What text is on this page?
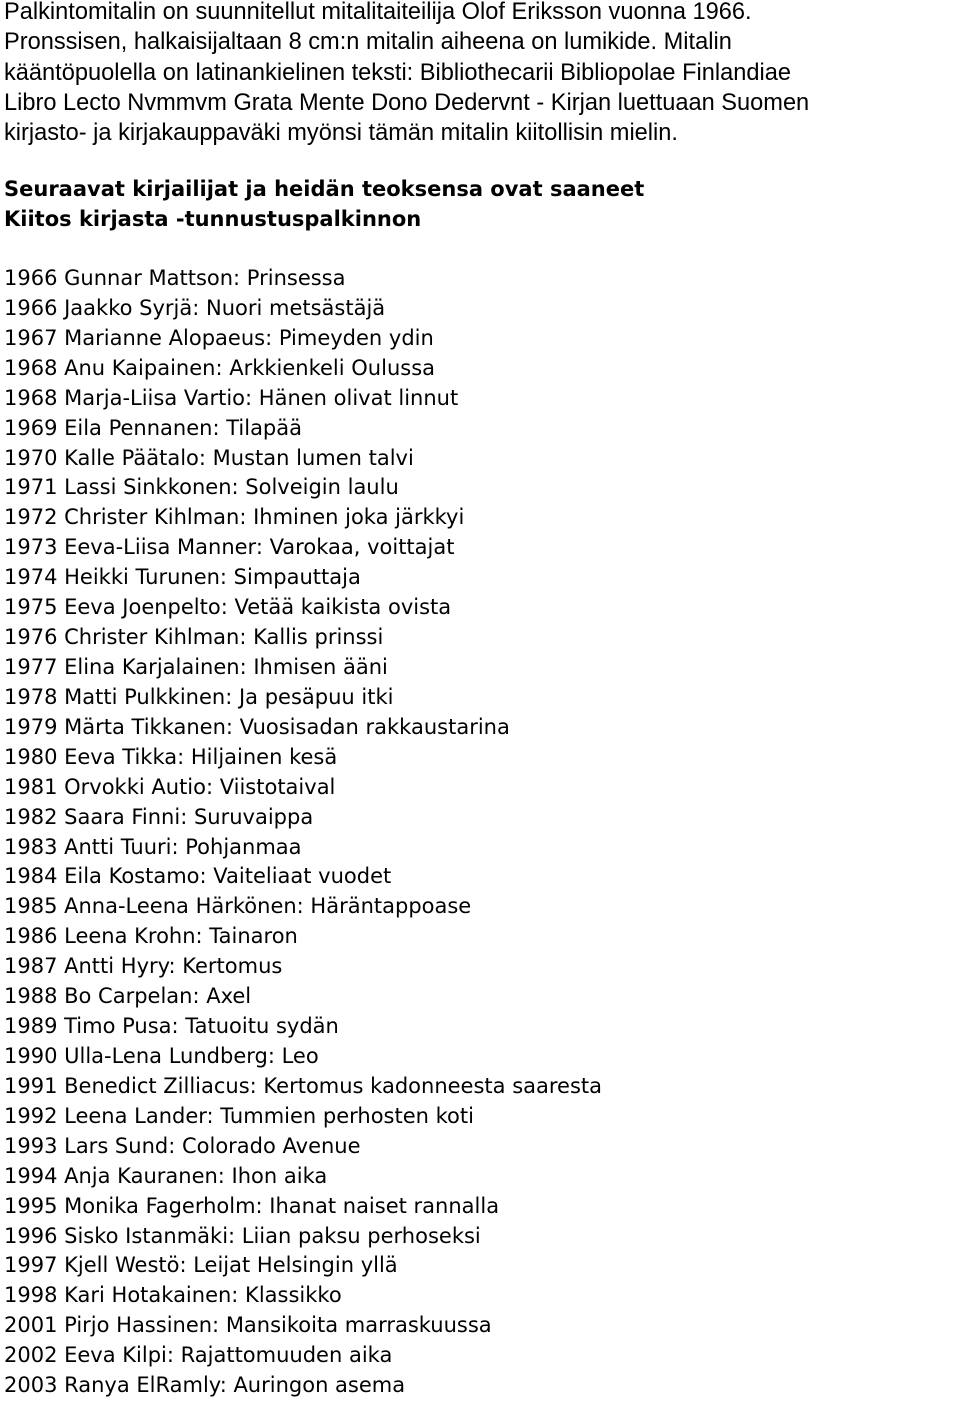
Palkintomitalin on suunnitellut mitalitaiteilija Olof Eriksson vuonna 1966.
Pronssisen, halkaisijaltaan 8 cm:n mitalin aiheena on lumikide. Mitalin
kääntöpuolella on latinankielinen teksti: Bibliothecarii Bibliopolae Finlandiae
Libro Lecto Nvmmvm Grata Mente Dono Dedervnt - Kirjan luettuaan Suomen
kirjasto- ja kirjakauppaväki myönsi tämän mitalin kiitollisin mielin.

Seuraavat kirjailijat ja heidän teoksensa ovat saaneet
Kiitos kirjasta -tunnustuspalkinnon
1966 Gunnar Mattson: Prinsessa
1966 Jaakko Syrjä: Nuori metsästäjä
1967 Marianne Alopaeus: Pimeyden ydin
1968 Anu Kaipainen: Arkkienkeli Oulussa
1968 Marja-Liisa Vartio: Hänen olivat linnut
1969 Eila Pennanen: Tilapää
1970 Kalle Päätalo: Mustan lumen talvi
1971 Lassi Sinkkonen: Solveigin laulu
1972 Christer Kihlman: Ihminen joka järkkyi
1973 Eeva-Liisa Manner: Varokaa, voittajat
1974 Heikki Turunen: Simpauttaja
1975 Eeva Joenpelto: Vetää kaikista ovista
1976 Christer Kihlman: Kallis prinssi
1977 Elina Karjalainen: Ihmisen ääni
1978 Matti Pulkkinen: Ja pesäpuu itki
1979 Märta Tikkanen: Vuosisadan rakkaustarina
1980 Eeva Tikka: Hiljainen kesä
1981 Orvokki Autio: Viistotaival
1982 Saara Finni: Suruvaippa
1983 Antti Tuuri: Pohjanmaa
1984 Eila Kostamo: Vaiteliaat vuodet
1985 Anna-Leena Härkönen: Häräntappoase
1986 Leena Krohn: Tainaron
1987 Antti Hyry: Kertomus
1988 Bo Carpelan: Axel
1989 Timo Pusa: Tatuoitu sydän
1990 Ulla-Lena Lundberg: Leo
1991 Benedict Zilliacus: Kertomus kadonneesta saaresta
1992 Leena Lander: Tummien perhosten koti
1993 Lars Sund: Colorado Avenue
1994 Anja Kauranen: Ihon aika
1995 Monika Fagerholm: Ihanat naiset rannalla
1996 Sisko Istanmäki: Liian paksu perhoseksi
1997 Kjell Westö: Leijat Helsingin yllä
1998 Kari Hotakainen: Klassikko
2001 Pirjo Hassinen: Mansikoita marraskuussa
2002 Eeva Kilpi: Rajattomuuden aika
2003 Ranya ElRamly: Auringon asema
